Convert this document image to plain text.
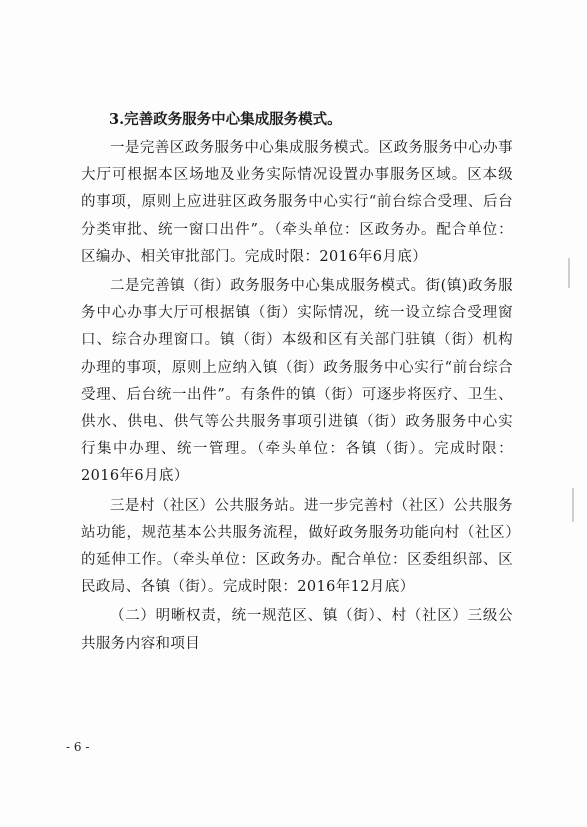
3.完善政务服务中心集成服务模式。

一是完善区政务服务中心集成服务模式。区政务服务中心办事大厅可根据本区场地及业务实际情况设置办事服务区域。区本级的事项，原则上应进驻区政务服务中心实行“前台综合受理、后台分类审批、统一窗口出件”。（牵头单位：区政务办。配合单位：区编办、相关审批部门。完成时限：2016年6月底）

二是完善镇（街）政务服务中心集成服务模式。街(镇)政务服务中心办事大厅可根据镇（街）实际情况，统一设立综合受理窗口、综合办理窗口。镇（街）本级和区有关部门驻镇（街）机构办理的事项，原则上应纳入镇（街）政务服务中心实行“前台综合受理、后台统一出件”。有条件的镇（街）可逐步将医疗、卫生、供水、供电、供气等公共服务事项引进镇（街）政务服务中心实行集中办理、统一管理。（牵头单位：各镇（街）。完成时限：2016年6月底）

三是村（社区）公共服务站。进一步完善村（社区）公共服务站功能，规范基本公共服务流程，做好政务服务功能向村（社区）的延伸工作。（牵头单位：区政务办。配合单位：区委组织部、区民政局、各镇（街）。完成时限：2016年12月底）

（二）明晰权责，统一规范区、镇（街）、村（社区）三级公共服务内容和项目

- 6 -
